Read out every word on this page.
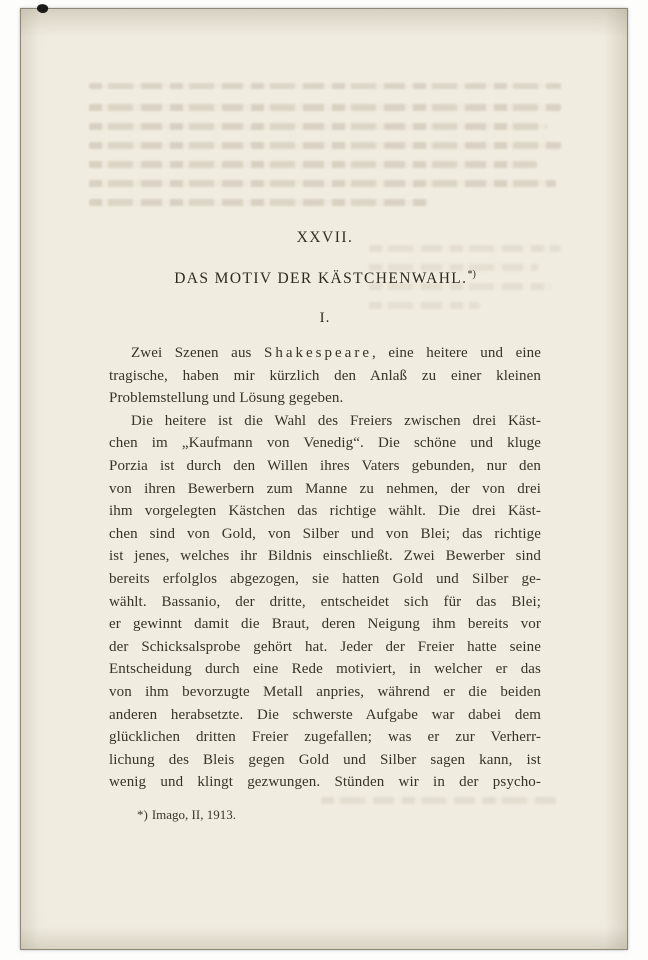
XXVII.
DAS MOTIV DER KÄSTCHENWAHL.*)
I.
Zwei Szenen aus Shakespeare, eine heitere und eine
tragische, haben mir kürzlich den Anlaß zu einer kleinen
Problemstellung und Lösung gegeben.
Die heitere ist die Wahl des Freiers zwischen drei Käst-
chen im „Kaufmann von Venedig“. Die schöne und kluge
Porzia ist durch den Willen ihres Vaters gebunden, nur den
von ihren Bewerbern zum Manne zu nehmen, der von drei
ihm vorgelegten Kästchen das richtige wählt. Die drei Käst-
chen sind von Gold, von Silber und von Blei; das richtige
ist jenes, welches ihr Bildnis einschließt. Zwei Bewerber sind
bereits erfolglos abgezogen, sie hatten Gold und Silber ge-
wählt. Bassanio, der dritte, entscheidet sich für das Blei;
er gewinnt damit die Braut, deren Neigung ihm bereits vor
der Schicksalsprobe gehört hat. Jeder der Freier hatte seine
Entscheidung durch eine Rede motiviert, in welcher er das
von ihm bevorzugte Metall anpries, während er die beiden
anderen herabsetzte. Die schwerste Aufgabe war dabei dem
glücklichen dritten Freier zugefallen; was er zur Verherr-
lichung des Bleis gegen Gold und Silber sagen kann, ist
wenig und klingt gezwungen. Stünden wir in der psycho-
*) Imago, II, 1913.
